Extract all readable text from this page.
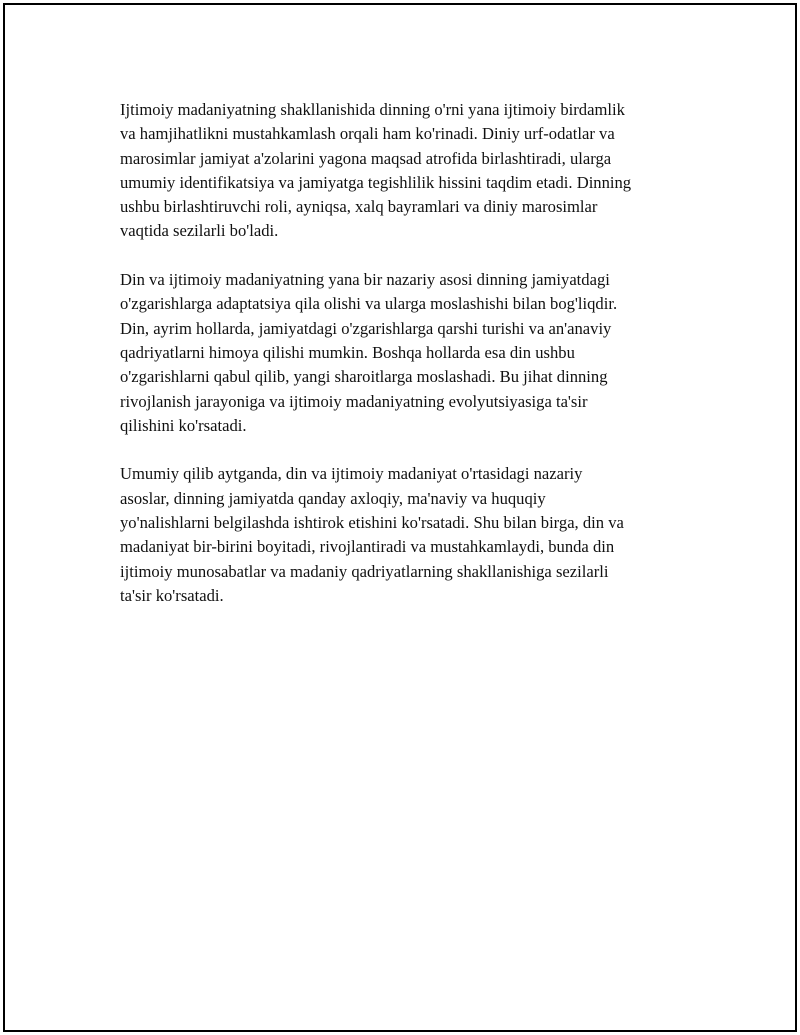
Ijtimoiy madaniyatning shakllanishida dinning o'rni yana ijtimoiy birdamlik
va hamjihatlikni mustahkamlash orqali ham ko'rinadi. Diniy urf-odatlar va
marosimlar jamiyat a'zolarini yagona maqsad atrofida birlashtiradi, ularga
umumiy identifikatsiya va jamiyatga tegishlilik hissini taqdim etadi. Dinning
ushbu birlashtiruvchi roli, ayniqsa, xalq bayramlari va diniy marosimlar
vaqtida sezilarli bo'ladi.

Din va ijtimoiy madaniyatning yana bir nazariy asosi dinning jamiyatdagi
o'zgarishlarga adaptatsiya qila olishi va ularga moslashishi bilan bog'liqdir.
Din, ayrim hollarda, jamiyatdagi o'zgarishlarga qarshi turishi va an'anaviy
qadriyatlarni himoya qilishi mumkin. Boshqa hollarda esa din ushbu
o'zgarishlarni qabul qilib, yangi sharoitlarga moslashadi. Bu jihat dinning
rivojlanish jarayoniga va ijtimoiy madaniyatning evolyutsiyasiga ta'sir
qilishini ko'rsatadi.

Umumiy qilib aytganda, din va ijtimoiy madaniyat o'rtasidagi nazariy
asoslar, dinning jamiyatda qanday axloqiy, ma'naviy va huquqiy
yo'nalishlarni belgilashda ishtirok etishini ko'rsatadi. Shu bilan birga, din va
madaniyat bir-birini boyitadi, rivojlantiradi va mustahkamlaydi, bunda din
ijtimoiy munosabatlar va madaniy qadriyatlarning shakllanishiga sezilarli
ta'sir ko'rsatadi.
